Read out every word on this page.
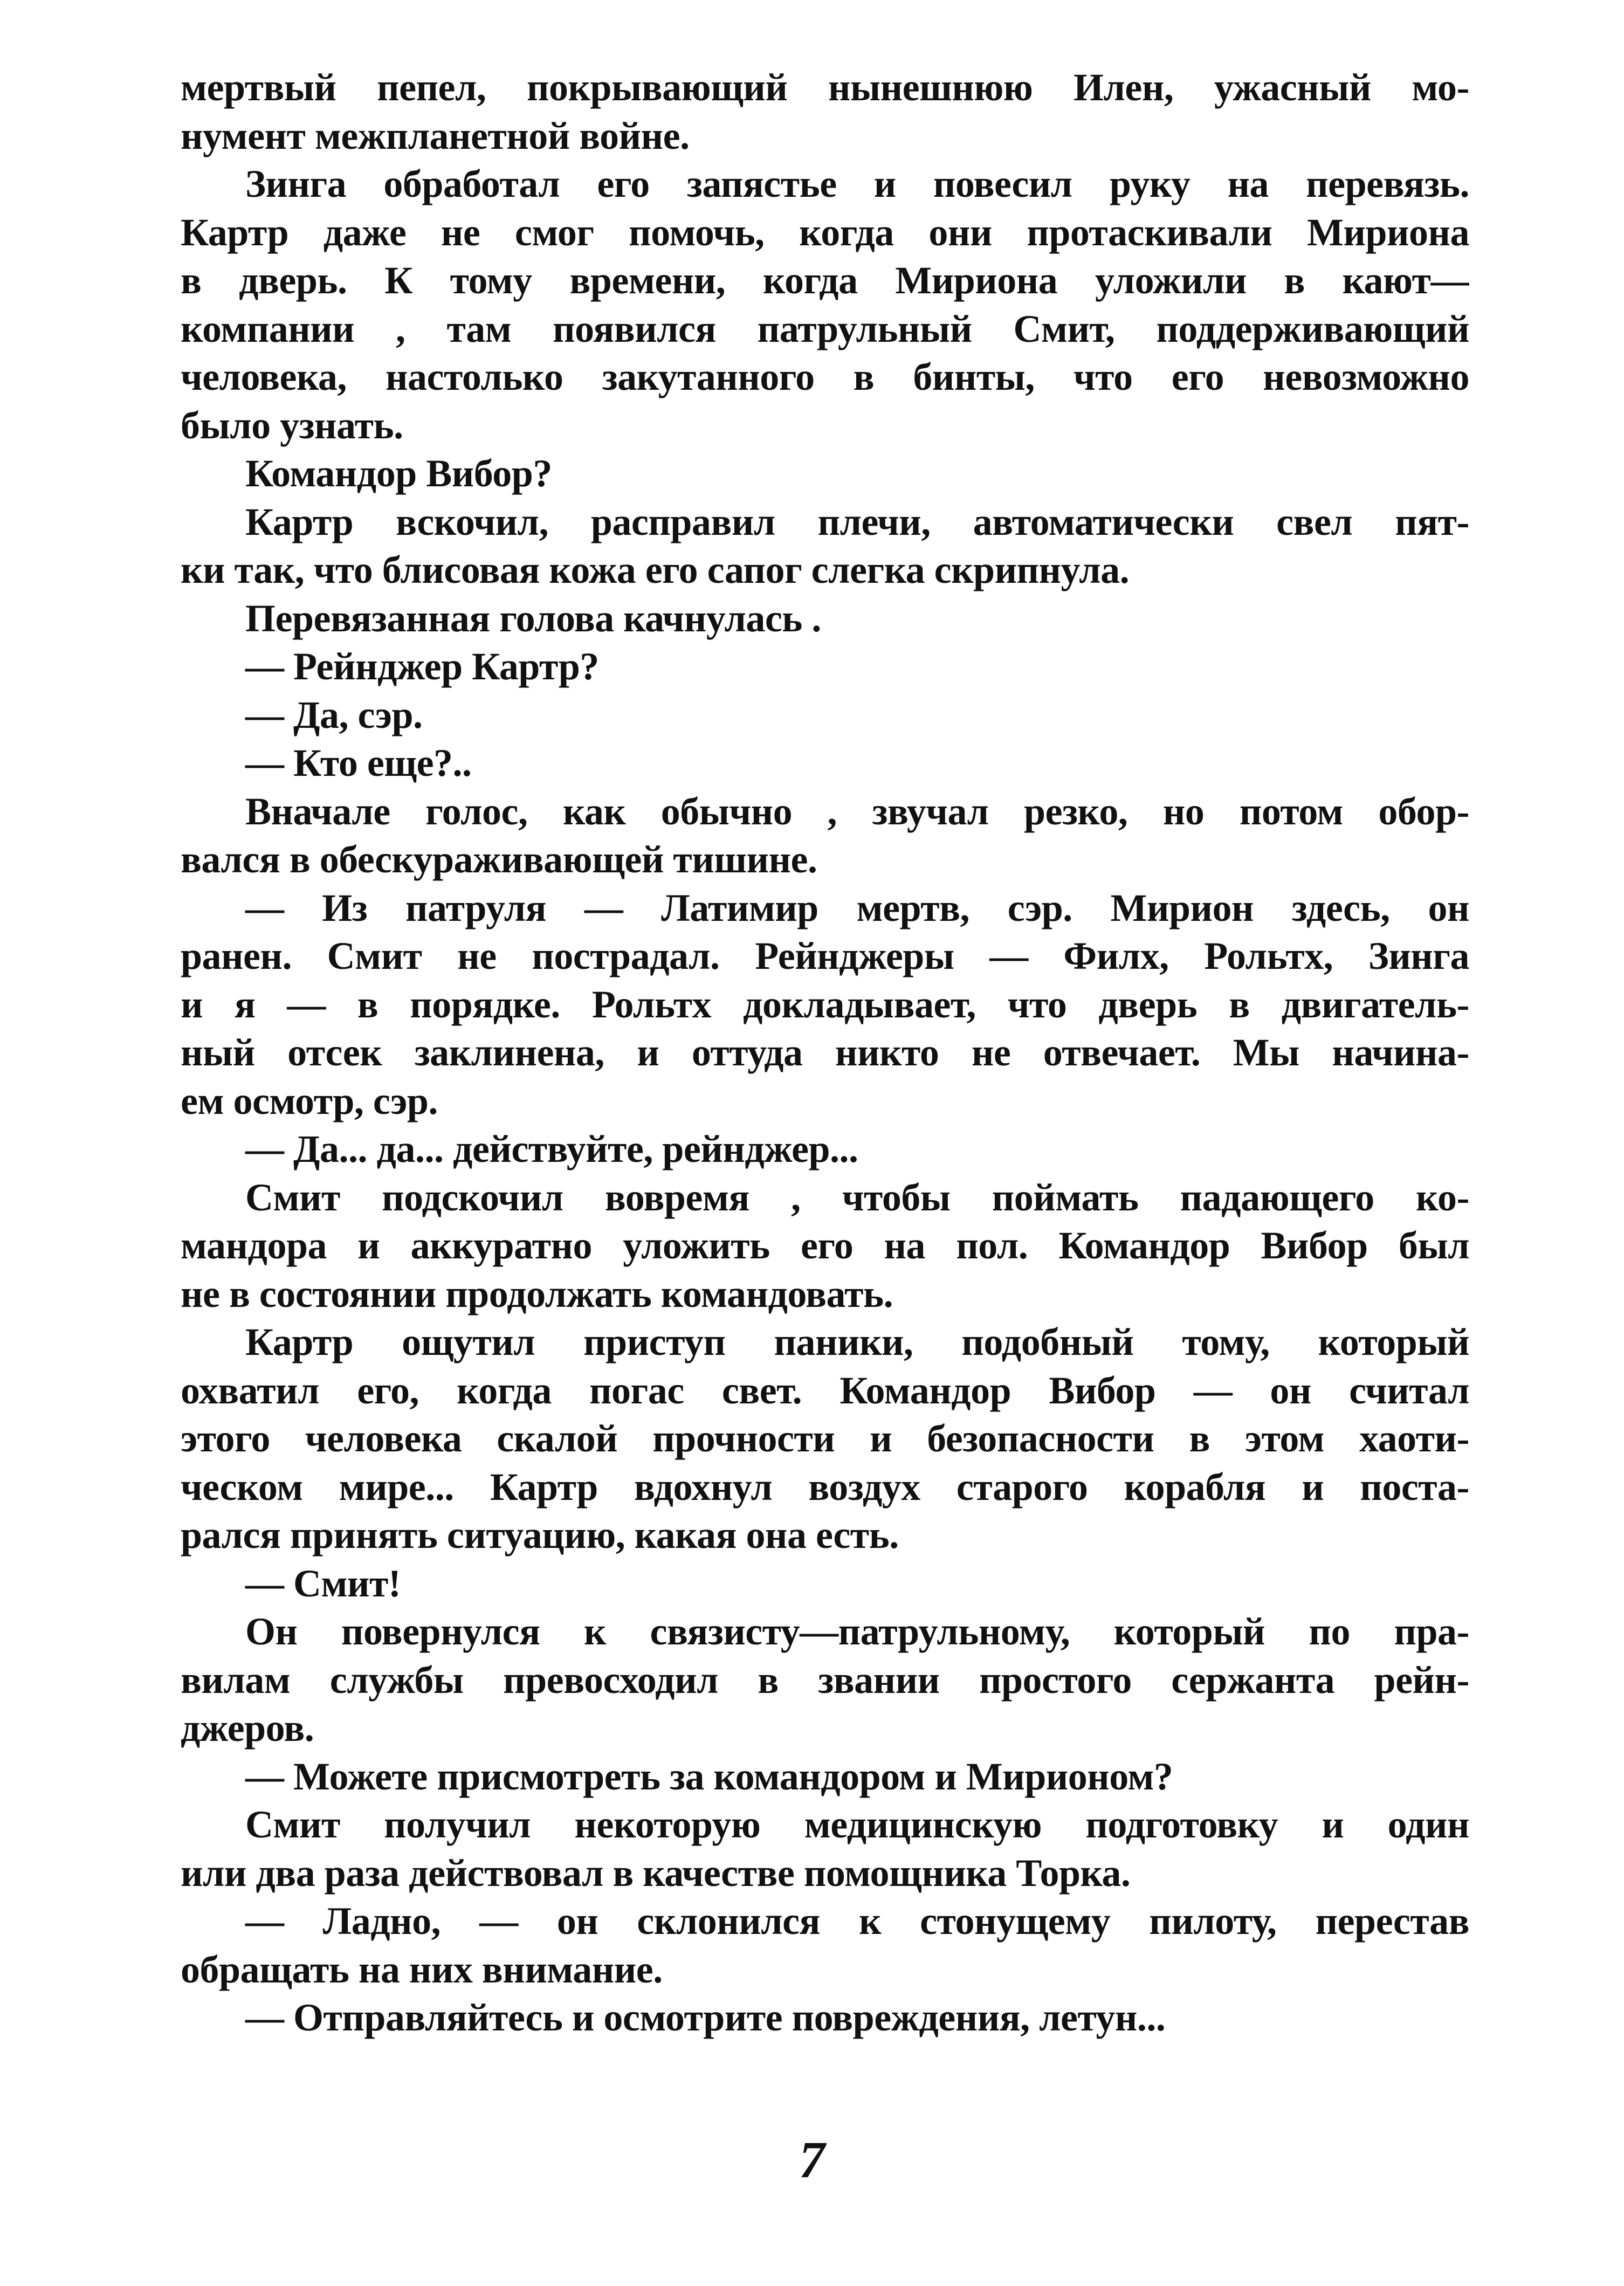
мертвый пепел, покрывающий нынешнюю Илен, ужасный мо-
нумент межпланетной войне.
Зинга обработал его запястье и повесил руку на перевязь.
Картр даже не смог помочь, когда они протаскивали Мириона
в дверь. К тому времени, когда Мириона уложили в кают—
компании , там появился патрульный Смит, поддерживающий
человека, настолько закутанного в бинты, что его невозможно
было узнать.
Командор Вибор?
Картр вскочил, расправил плечи, автоматически свел пят-
ки так, что блисовая кожа его сапог слегка скрипнула.
Перевязанная голова качнулась .
— Рейнджер Картр?
— Да, сэр.
— Кто еще?..
Вначале голос, как обычно , звучал резко, но потом обор-
вался в обескураживающей тишине.
— Из патруля — Латимир мертв, сэр. Мирион здесь, он
ранен. Смит не пострадал. Рейнджеры — Филх, Рольтх, Зинга
и я — в порядке. Рольтх докладывает, что дверь в двигатель-
ный отсек заклинена, и оттуда никто не отвечает. Мы начина-
ем осмотр, сэр.
— Да... да... действуйте, рейнджер...
Смит подскочил вовремя , чтобы поймать падающего ко-
мандора и аккуратно уложить его на пол. Командор Вибор был
не в состоянии продолжать командовать.
Картр ощутил приступ паники, подобный тому, который
охватил его, когда погас свет. Командор Вибор — он считал
этого человека скалой прочности и безопасности в этом хаоти-
ческом мире... Картр вдохнул воздух старого корабля и поста-
рался принять ситуацию, какая она есть.
— Смит!
Он повернулся к связисту—патрульному, который по пра-
вилам службы превосходил в звании простого сержанта рейн-
джеров.
— Можете присмотреть за командором и Мирионом?
Смит получил некоторую медицинскую подготовку и один
или два раза действовал в качестве помощника Торка.
— Ладно, — он склонился к стонущему пилоту, перестав
обращать на них внимание.
— Отправляйтесь и осмотрите повреждения, летун...
7
